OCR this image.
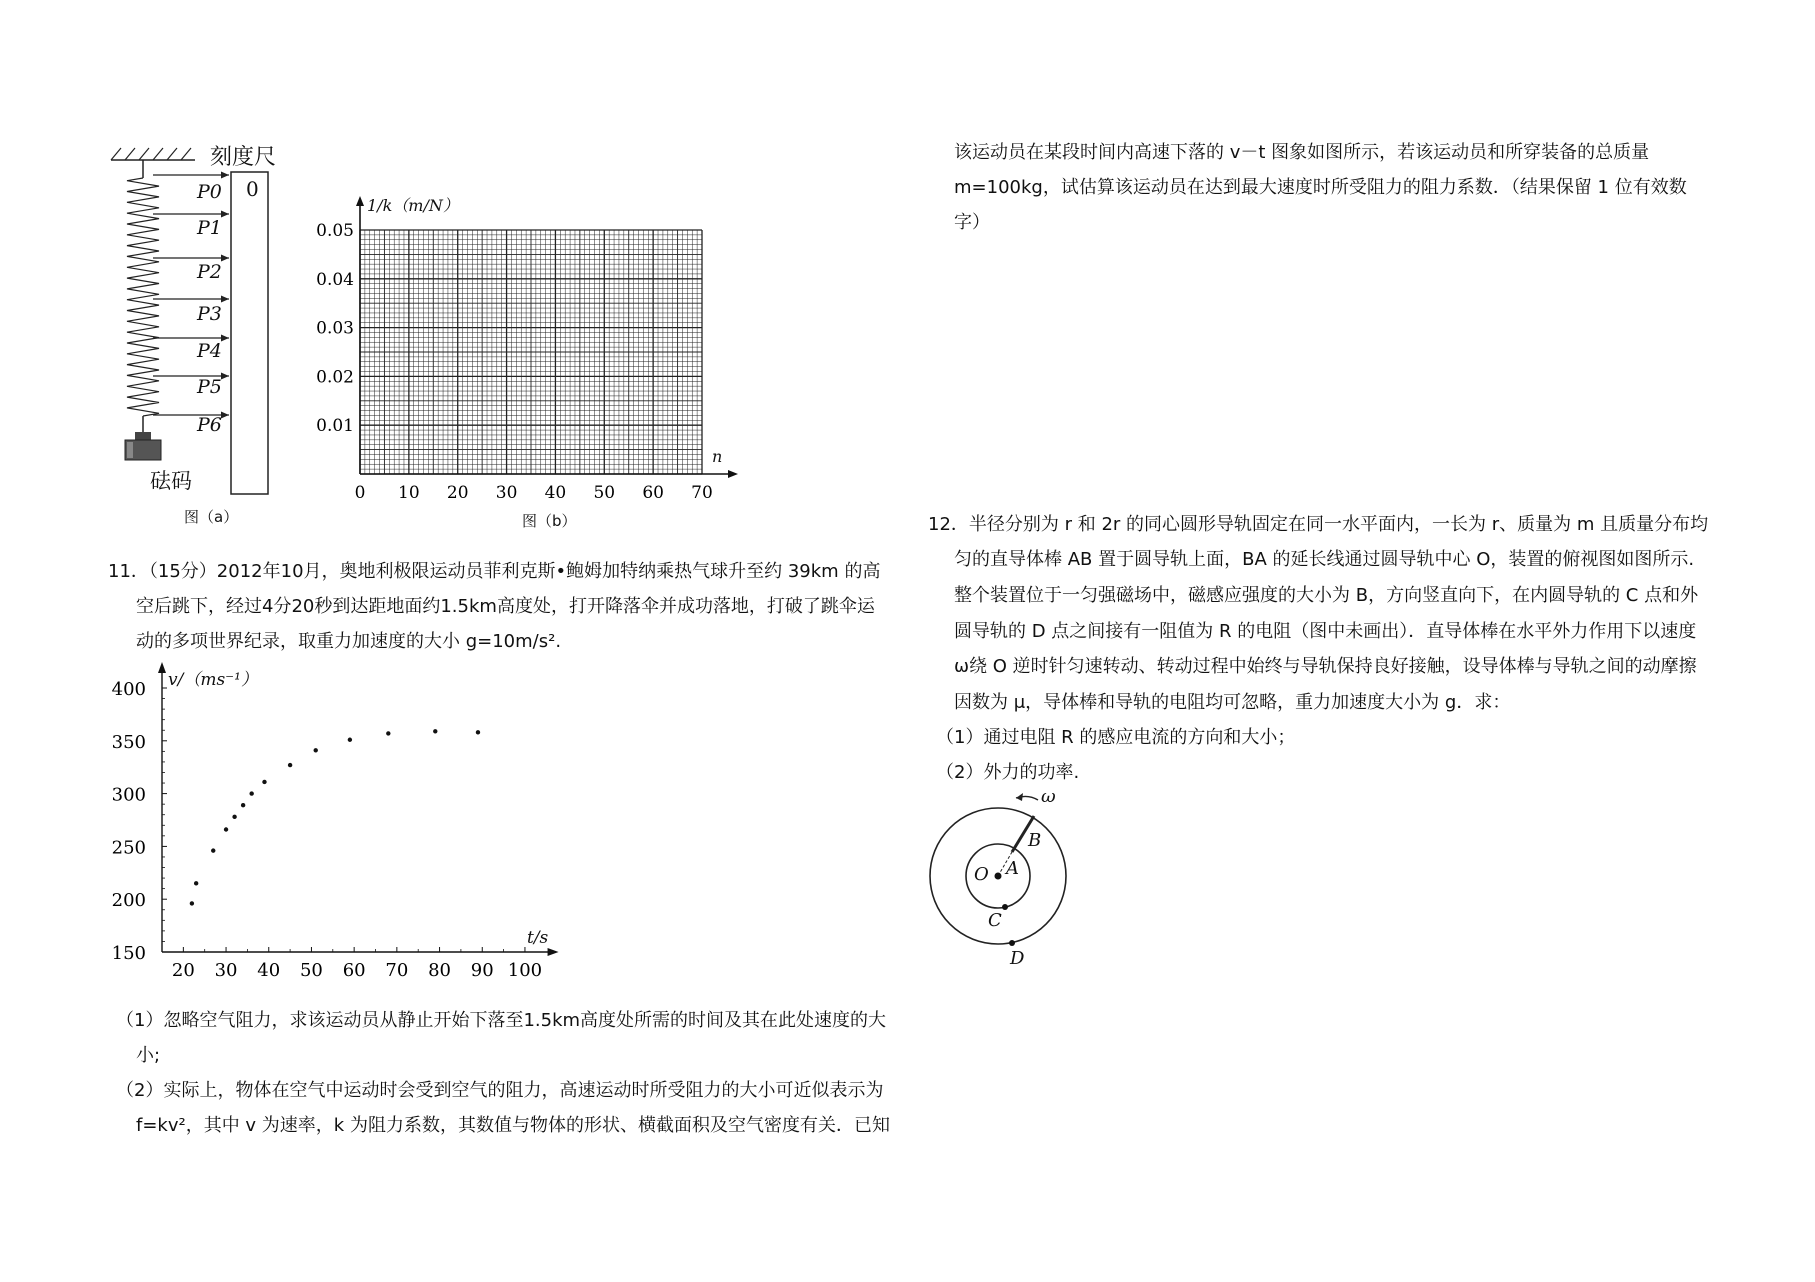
刻度尺
0
P0
P1
P2
P3
P4
P5
P6
砝码
图（a）
0 10 20 30 40 50 60 70
0.01
0.02
0.03
0.04
0.05
1/k（m/N）
n
图（b）
11．（15分）2012年10月，奥地利极限运动员菲利克斯•鲍姆加特纳乘热气球升至约 39km 的高
空后跳下，经过4分20秒到达距地面约1.5km高度处，打开降落伞并成功落地，打破了跳伞运
动的多项世界纪录，取重力加速度的大小 g=10m/s².
150
200
250
300
350
400
20 30 40 50 60 70 80 90 100
v/（ms⁻¹）
t/s
（1）忽略空气阻力，求该运动员从静止开始下落至1.5km高度处所需的时间及其在此处速度的大
小;
（2）实际上，物体在空气中运动时会受到空气的阻力，高速运动时所受阻力的大小可近似表示为
f=kv²，其中 v 为速率，k 为阻力系数，其数值与物体的形状、横截面积及空气密度有关．已知
该运动员在某段时间内高速下落的 v－t 图象如图所示，若该运动员和所穿装备的总质量
m=100kg，试估算该运动员在达到最大速度时所受阻力的阻力系数．（结果保留 1 位有效数
字）
12．半径分别为 r 和 2r 的同心圆形导轨固定在同一水平面内，一长为 r、质量为 m 且质量分布均
匀的直导体棒 AB 置于圆导轨上面，BA 的延长线通过圆导轨中心 O，装置的俯视图如图所示.
整个装置位于一匀强磁场中，磁感应强度的大小为 B，方向竖直向下，在内圆导轨的 C 点和外
圆导轨的 D 点之间接有一阻值为 R 的电阻（图中未画出）．直导体棒在水平外力作用下以速度
ω绕 O 逆时针匀速转动、转动过程中始终与导轨保持良好接触，设导体棒与导轨之间的动摩擦
因数为 μ，导体棒和导轨的电阻均可忽略，重力加速度大小为 g．求：
（1）通过电阻 R 的感应电流的方向和大小；
（2）外力的功率.
ω
B
O A
C
D
